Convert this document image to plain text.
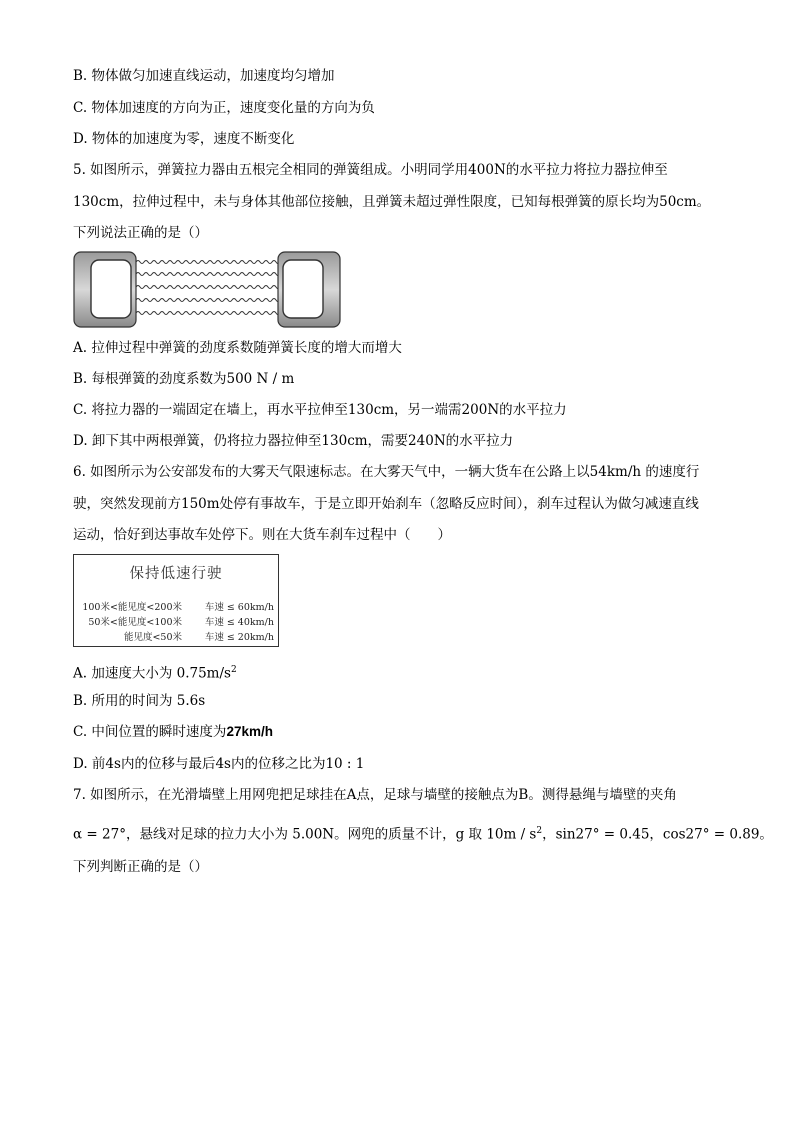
B. 物体做匀加速直线运动，加速度均匀增加
C. 物体加速度的方向为正，速度变化量的方向为负
D. 物体的加速度为零，速度不断变化
5. 如图所示，弹簧拉力器由五根完全相同的弹簧组成。小明同学用400N的水平拉力将拉力器拉伸至
130cm，拉伸过程中，未与身体其他部位接触，且弹簧未超过弹性限度，已知每根弹簧的原长均为50cm。
下列说法正确的是（）
A. 拉伸过程中弹簧的劲度系数随弹簧长度的增大而增大
B. 每根弹簧的劲度系数为500 N / m
C. 将拉力器的一端固定在墙上，再水平拉伸至130cm，另一端需200N的水平拉力
D. 卸下其中两根弹簧，仍将拉力器拉伸至130cm，需要240N的水平拉力
6. 如图所示为公安部发布的大雾天气限速标志。在大雾天气中，一辆大货车在公路上以54km/h 的速度行
驶，突然发现前方150m处停有事故车，于是立即开始刹车（忽略反应时间），刹车过程认为做匀减速直线
运动，恰好到达事故车处停下。则在大货车刹车过程中（　　）
保持低速行驶
100米<能见度<200米 车速 ≤ 60km/h
50米<能见度<100米 车速 ≤ 40km/h
能见度<50米 车速 ≤ 20km/h
A. 加速度大小为 $0.75m/s^2$
B. 所用的时间为 5.6s
C. 中间位置的瞬时速度为27km/h
D. 前4s内的位移与最后4s内的位移之比为10 : 1
7. 如图所示，在光滑墙壁上用网兜把足球挂在A点，足球与墙壁的接触点为B。测得悬绳与墙壁的夹角
α = 27°，悬线对足球的拉力大小为 5.00N。网兜的质量不计，g 取 $10m / s^2$，sin27° = 0.45，cos27° = 0.89。
下列判断正确的是（）
